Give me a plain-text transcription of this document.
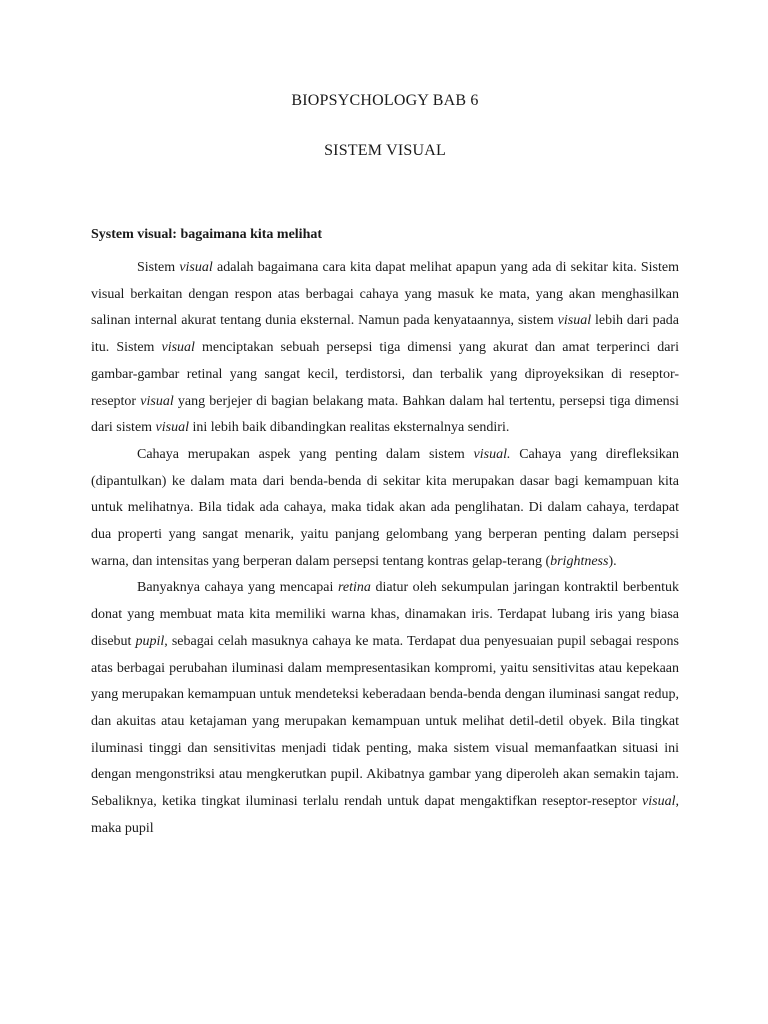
BIOPSYCHOLOGY BAB 6
SISTEM VISUAL
System visual: bagaimana kita melihat

Sistem visual adalah bagaimana cara kita dapat melihat apapun yang ada di sekitar kita. Sistem visual berkaitan dengan respon atas berbagai cahaya yang masuk ke mata, yang akan menghasilkan salinan internal akurat tentang dunia eksternal. Namun pada kenyataannya, sistem visual lebih dari pada itu. Sistem visual menciptakan sebuah persepsi tiga dimensi yang akurat dan amat terperinci dari gambar-gambar retinal yang sangat kecil, terdistorsi, dan terbalik yang diproyeksikan di reseptor-reseptor visual yang berjejer di bagian belakang mata. Bahkan dalam hal tertentu, persepsi tiga dimensi dari sistem visual ini lebih baik dibandingkan realitas eksternalnya sendiri.

Cahaya merupakan aspek yang penting dalam sistem visual. Cahaya yang direfleksikan (dipantulkan) ke dalam mata dari benda-benda di sekitar kita merupakan dasar bagi kemampuan kita untuk melihatnya. Bila tidak ada cahaya, maka tidak akan ada penglihatan. Di dalam cahaya, terdapat dua properti yang sangat menarik, yaitu panjang gelombang yang berperan penting dalam persepsi warna, dan intensitas yang berperan dalam persepsi tentang kontras gelap-terang (brightness).

Banyaknya cahaya yang mencapai retina diatur oleh sekumpulan jaringan kontraktil berbentuk donat yang membuat mata kita memiliki warna khas, dinamakan iris. Terdapat lubang iris yang biasa disebut pupil, sebagai celah masuknya cahaya ke mata. Terdapat dua penyesuaian pupil sebagai respons atas berbagai perubahan iluminasi dalam mempresentasikan kompromi, yaitu sensitivitas atau kepekaan yang merupakan kemampuan untuk mendeteksi keberadaan benda-benda dengan iluminasi sangat redup, dan akuitas atau ketajaman yang merupakan kemampuan untuk melihat detil-detil obyek. Bila tingkat iluminasi tinggi dan sensitivitas menjadi tidak penting, maka sistem visual memanfaatkan situasi ini dengan mengonstriksi atau mengkerutkan pupil. Akibatnya gambar yang diperoleh akan semakin tajam. Sebaliknya, ketika tingkat iluminasi terlalu rendah untuk dapat mengaktifkan reseptor-reseptor visual, maka pupil
